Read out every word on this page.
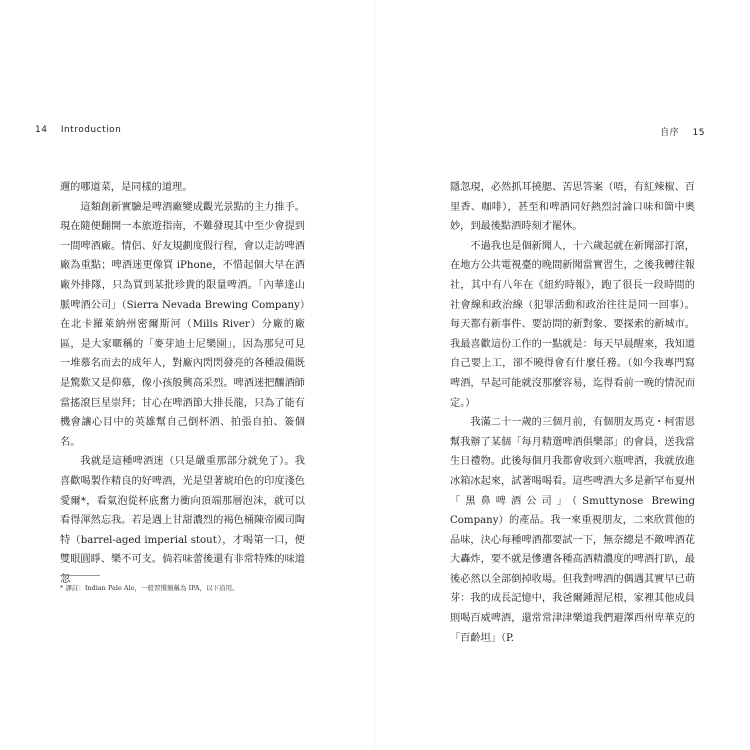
14 Introduction

邇的哪道菜，是同樣的道理。

這類創新實驗是啤酒廠變成觀光景點的主力推手。現在隨便翻開一本旅遊指南，不難發現其中至少會提到一間啤酒廠。情侶、好友規劃度假行程，會以走訪啤酒廠為重點；啤酒迷更像買 iPhone，不惜起個大早在酒廠外排隊，只為買到某批珍貴的限量啤酒。「內華達山脈啤酒公司」（Sierra Nevada Brewing Company）在北卡羅萊納州密爾斯河（Mills River）分廠的廠區，是大家暱稱的「麥芽迪士尼樂園」，因為那兒可見一堆慕名而去的成年人，對廠內閃閃發亮的各種設備既是驚歎又是仰慕，像小孩般興高采烈。啤酒迷把釀酒師當搖滾巨星崇拜；甘心在啤酒節大排長龍，只為了能有機會讓心目中的英雄幫自己倒杯酒、拍張自拍、簽個名。

我就是這種啤酒迷（只是嚴重那部分就免了）。我喜歡喝製作精良的好啤酒，光是望著琥珀色的印度淺色愛爾*，看氣泡從杯底奮力衝向頂端那層泡沫，就可以看得渾然忘我。若是遇上甘甜濃烈的褐色桶陳帝國司陶特（barrel-aged imperial stout），才喝第一口，便雙眼圓睜、樂不可支。倘若味蕾後還有非常特殊的味道忽

* 譯註：Indian Pale Ale，一般習慣簡稱為 IPA，以下沿用。
自序 15

隱忽現，必然抓耳撓腮、苦思答案（唔，有紅辣椒、百里香、咖啡），甚至和啤酒同好熱烈討論口味和箇中奧妙，到最後點酒時刻才罷休。

不過我也是個新聞人，十六歲起就在新聞部打滾，在地方公共電視臺的晚間新聞當實習生，之後我轉往報社，其中有八年在《紐約時報》，跑了很長一段時間的社會線和政治線（犯罪活動和政治往往是同一回事）。每天都有新事件、要訪問的新對象、要探索的新城市。我最喜歡這份工作的一點就是：每天早晨醒來，我知道自己要上工，卻不曉得會有什麼任務。（如今我專門寫啤酒，早起可能就沒那麼容易，迄得看前一晚的情況而定。）

我滿二十一歲的三個月前，有個朋友馬克・柯雷恩幫我辦了某個「每月精選啤酒俱樂部」的會員，送我當生日禮物。此後每個月我都會收到六瓶啤酒，我就放進冰箱冰起來，試著喝喝看。這些啤酒大多是新罕布夏州「黑鼻啤酒公司」（Smuttynose Brewing Company）的產品。我一來重視朋友，二來欣賞他的品味，決心每種啤酒都要試一下，無奈總是不敵啤酒花大轟炸，要不就是慘遭各種高酒精濃度的啤酒打趴，最後必然以全部倒掉收場。但我對啤酒的偶遇其實早已萌芽：我的成長記憶中，我爸爾鍾渥尼根，家裡其他成員則喝百威啤酒，還常常津津樂道我們避澤西州卑華克的「百齡坦」（P.
